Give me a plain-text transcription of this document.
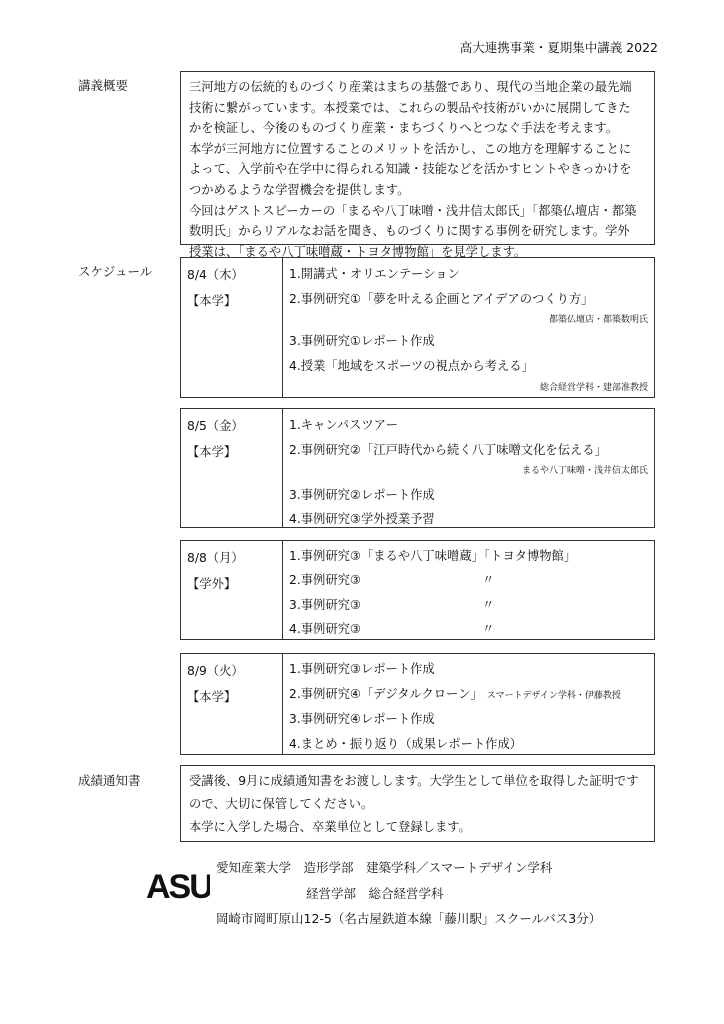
高大連携事業・夏期集中講義 2022
講義概要	三河地方の伝統的ものづくり産業はまちの基盤であり、現代の当地企業の最先端

技術に繋がっています。本授業では、これらの製品や技術がいかに展開してきた

かを検証し、今後のものづくり産業・まちづくりへとつなぐ手法を考えます。

本学が三河地方に位置することのメリットを活かし、この地方を理解することに

よって、入学前や在学中に得られる知識・技能などを活かすヒントやきっかけを

つかめるような学習機会を提供します。

今回はゲストスピーカーの「まるや八丁味噌・浅井信太郎氏」「都築仏壇店・都築

数明氏」からリアルなお話を聞き、ものづくりに関する事例を研究します。学外

授業は、「まるや八丁味噌蔵・トヨタ博物館」を見学します。

スケジュール	8/4（木）
【本学】
1.開講式・オリエンテーション
2.事例研究①「夢を叶える企画とアイデアのつくり方」
都築仏壇店・都築数明氏
3.事例研究①レポート作成
4.授業「地域をスポーツの視点から考える」
総合経営学科・建部准教授
8/5（金）
【本学】
1.キャンパスツアー
2.事例研究②「江戸時代から続く八丁味噌文化を伝える」
まるや八丁味噌・浅井信太郎氏
3.事例研究②レポート作成
4.事例研究③学外授業予習
8/8（月）
【学外】
1.事例研究③「まるや八丁味噌蔵」「トヨタ博物館」
2.事例研究③	〃
3.事例研究③	〃
4.事例研究③	〃
8/9（火）
【本学】
1.事例研究③レポート作成
2.事例研究④「デジタルクローン」 スマートデザイン学科・伊藤教授
3.事例研究④レポート作成
4.まとめ・振り返り（成果レポート作成）
成績通知書	受講後、9月に成績通知書をお渡しします。大学生として単位を取得した証明です

ので、大切に保管してください。

本学に入学した場合、卒業単位として登録します。

ASU
愛知産業大学　造形学部　建築学科／スマートデザイン学科
経営学部　総合経営学科
岡崎市岡町原山12-5（名古屋鉄道本線「藤川駅」スクールバス3分）
